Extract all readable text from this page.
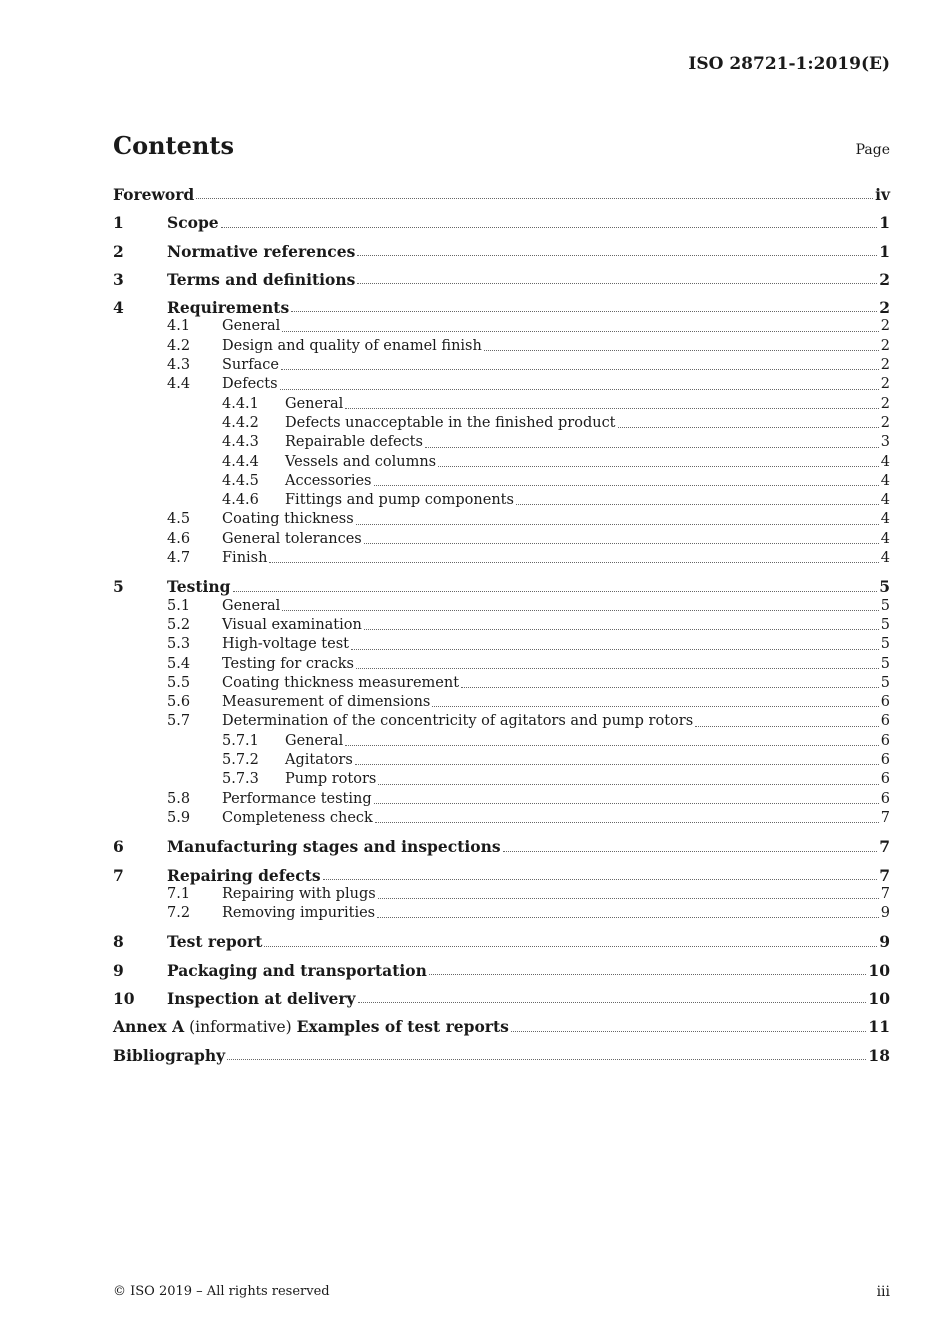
ISO 28721-1:2019(E)
Contents	Page
Foreword	iv
1	Scope	1
2	Normative references	1
3	Terms and definitions	2
4	Requirements	2
4.1	General	2
4.2	Design and quality of enamel finish	2
4.3	Surface	2
4.4	Defects	2
4.4.1	General	2
4.4.2	Defects unacceptable in the finished product	2
4.4.3	Repairable defects	3
4.4.4	Vessels and columns	4
4.4.5	Accessories	4
4.4.6	Fittings and pump components	4
4.5	Coating thickness	4
4.6	General tolerances	4
4.7	Finish	4
5	Testing	5
5.1	General	5
5.2	Visual examination	5
5.3	High-voltage test	5
5.4	Testing for cracks	5
5.5	Coating thickness measurement	5
5.6	Measurement of dimensions	6
5.7	Determination of the concentricity of agitators and pump rotors	6
5.7.1	General	6
5.7.2	Agitators	6
5.7.3	Pump rotors	6
5.8	Performance testing	6
5.9	Completeness check	7
6	Manufacturing stages and inspections	7
7	Repairing defects	7
7.1	Repairing with plugs	7
7.2	Removing impurities	9
8	Test report	9
9	Packaging and transportation	10
10	Inspection at delivery	10
Annex A (informative) Examples of test reports	11
Bibliography	18
© ISO 2019 – All rights reserved	iii
